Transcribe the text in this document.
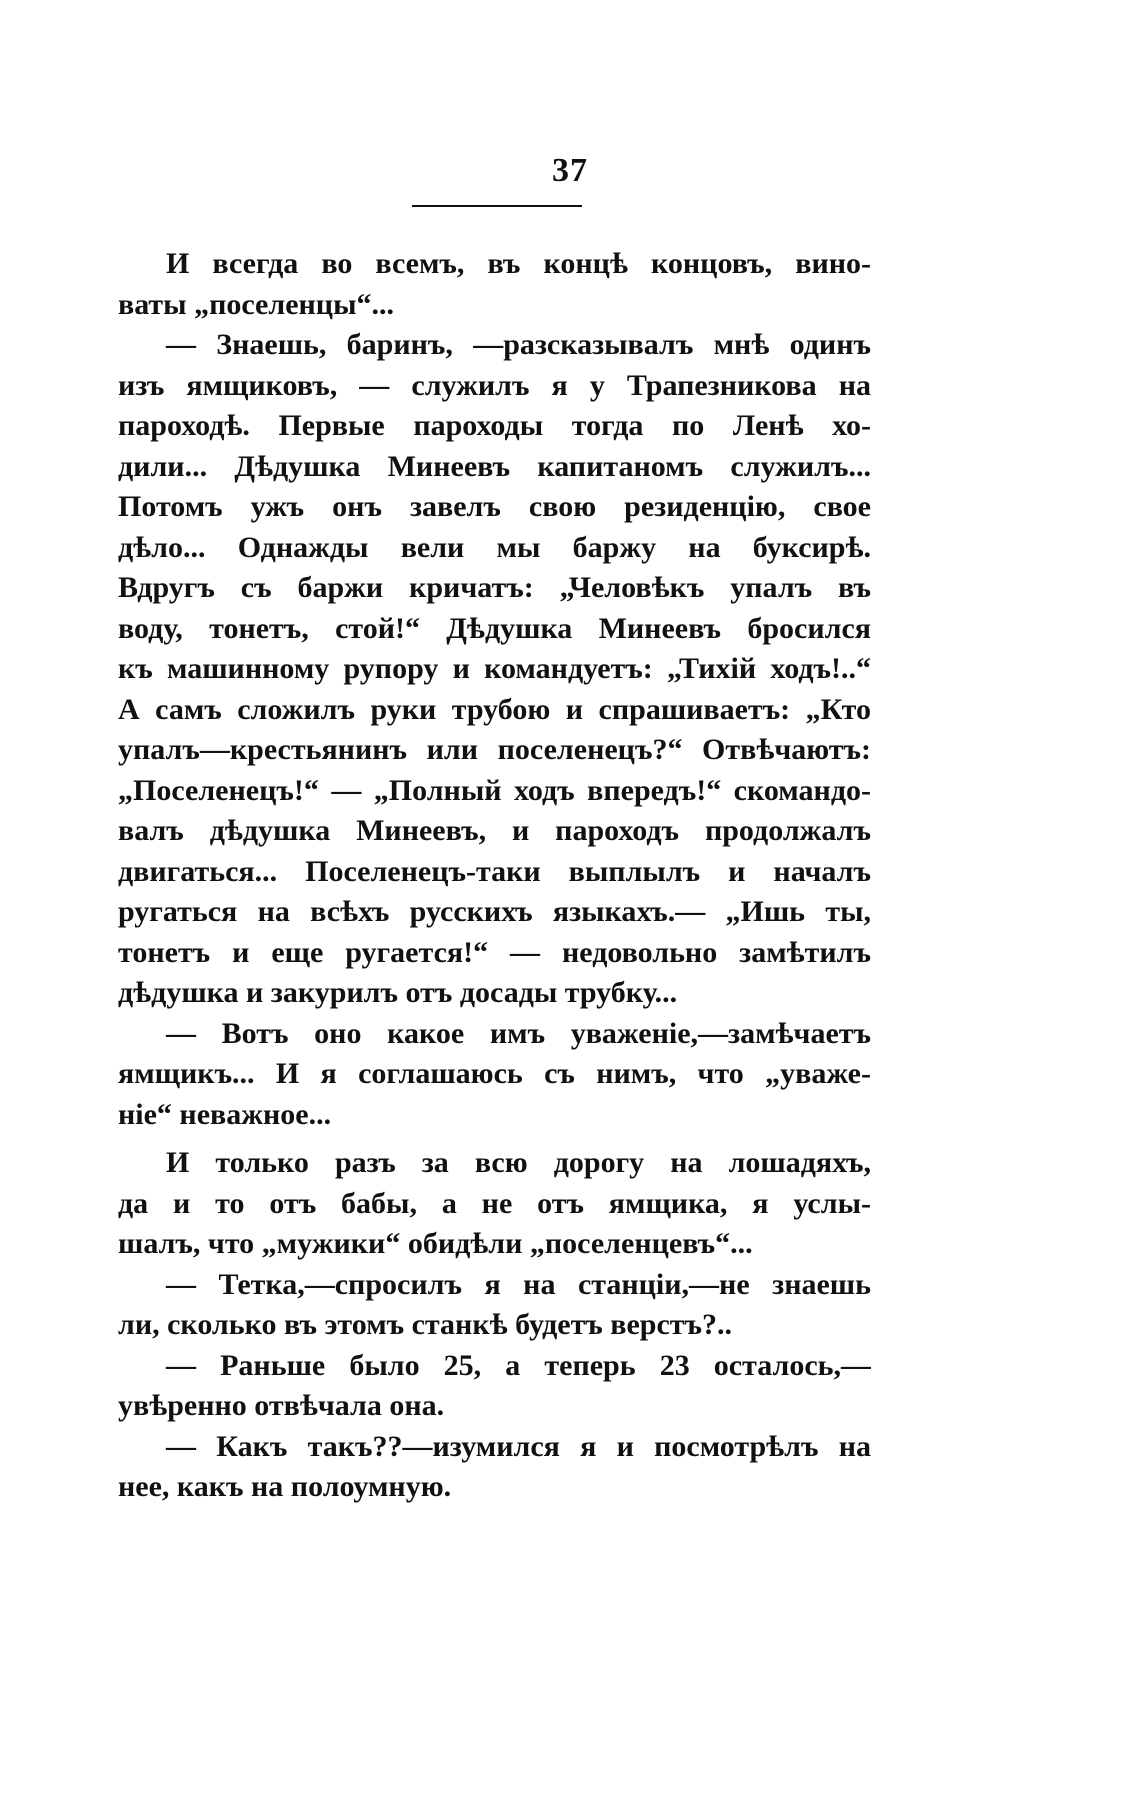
37
И всегда во всемъ, въ концѣ концовъ, вино-
ваты „поселенцы“...
— Знаешь, баринъ, —разсказывалъ мнѣ одинъ
изъ ямщиковъ, — служилъ я у Трапезникова на
пароходѣ. Первые пароходы тогда по Ленѣ хо-
дили... Дѣдушка Минеевъ капитаномъ служилъ...
Потомъ ужъ онъ завелъ свою резиденцію, свое
дѣло... Однажды вели мы баржу на буксирѣ.
Вдругъ съ баржи кричатъ: „Человѣкъ упалъ въ
воду, тонетъ, стой!“ Дѣдушка Минеевъ бросился
къ машинному рупору и командуетъ: „Тихій ходъ!..“
А самъ сложилъ руки трубою и спрашиваетъ: „Кто
упалъ—крестьянинъ или поселенецъ?“ Отвѣчаютъ:
„Поселенецъ!“ — „Полный ходъ впередъ!“ скомандо-
валъ дѣдушка Минеевъ, и пароходъ продолжалъ
двигаться... Поселенецъ-таки выплылъ и началъ
ругаться на всѣхъ русскихъ языкахъ.— „Ишь ты,
тонетъ и еще ругается!“ — недовольно замѣтилъ
дѣдушка и закурилъ отъ досады трубку...
— Вотъ оно какое имъ уваженіе,—замѣчаетъ
ямщикъ... И я соглашаюсь съ нимъ, что „уваже-
ніе“ неважное...
И только разъ за всю дорогу на лошадяхъ,
да и то отъ бабы, а не отъ ямщика, я услы-
шалъ, что „мужики“ обидѣли „поселенцевъ“...
— Тетка,—спросилъ я на станціи,—не знаешь
ли, сколько въ этомъ станкѣ будетъ верстъ?..
— Раньше было 25, а теперь 23 осталось,—
увѣренно отвѣчала она.
— Какъ такъ??—изумился я и посмотрѣлъ на
нее, какъ на полоумную.
